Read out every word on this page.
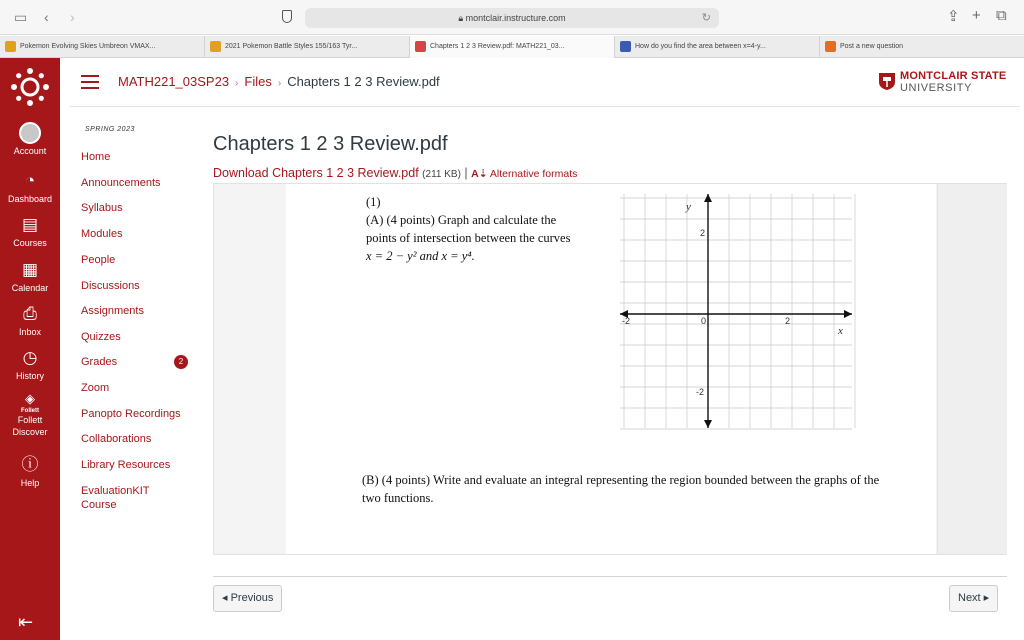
▭ ‹ ›	🔒︎ montclair.instructure.com	↻	⇪ + ⧉
Pokemon Evolving Skies Umbreon VMAX...	2021 Pokemon Battle Styles 155/163 Tyr...	Chapters 1 2 3 Review.pdf: MATH221_03...	How do you find the area between x=4-y...	Post a new question
Account
◔
Dashboard
▤
Courses
▦
Calendar
⎙
Inbox
◷
History
◈
Follett
Follett Discover
ⓘ
Help
⇤
MATH221_03SP23 › Files › Chapters 1 2 3 Review.pdf	MONTCLAIR STATE
UNIVERSITY
SPRING 2023
Home
Announcements
Syllabus
Modules
People
Discussions
Assignments
Quizzes
Grades
Zoom
Panopto Recordings
Collaborations
Library Resources
EvaluationKIT Course
2
Chapters 1 2 3 Review.pdf
Download Chapters 1 2 3 Review.pdf (211 KB) | A⇣ Alternative formats
(1)
(A) (4 points) Graph and calculate the
points of intersection between the curves
x = 2 − y² and x = y⁴.
y
x
-2	0	2
2
-2
(B) (4 points) Write and evaluate an integral representing the region bounded between the graphs of the two functions.
◂ Previous	Next ▸
